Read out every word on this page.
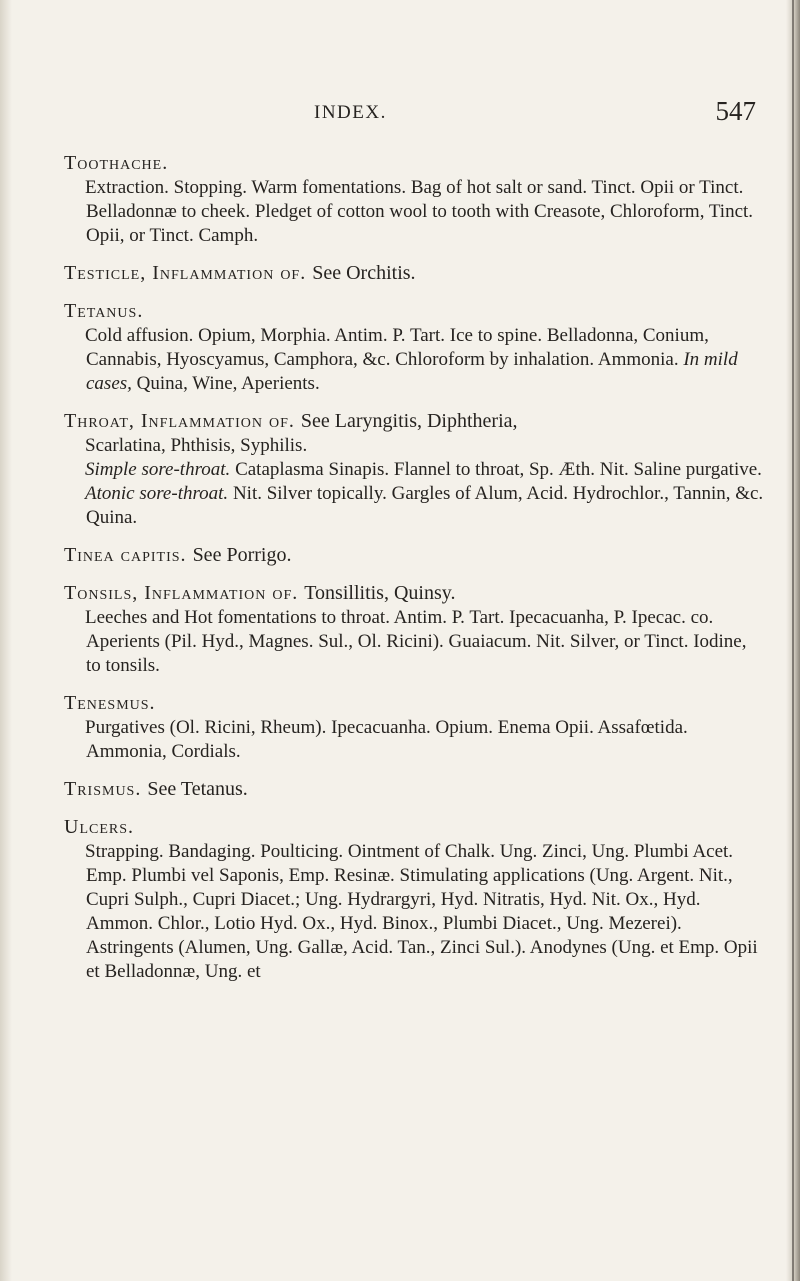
INDEX.	547
Toothache.

Extraction. Stopping. Warm fomentations. Bag of hot salt or sand. Tinct. Opii or Tinct. Belladonnæ to cheek. Pledget of cotton wool to tooth with Creasote, Chloroform, Tinct. Opii, or Tinct. Camph.

Testicle, Inflammation of. See Orchitis.
Tetanus.

Cold affusion. Opium, Morphia. Antim. P. Tart. Ice to spine. Belladonna, Conium, Cannabis, Hyoscyamus, Camphora, &c. Chloroform by inhalation. Ammonia. In mild cases, Quina, Wine, Aperients.

Throat, Inflammation of. See Laryngitis, Diphtheria,

Scarlatina, Phthisis, Syphilis.

Simple sore-throat. Cataplasma Sinapis. Flannel to throat, Sp. Æth. Nit. Saline purgative.

Atonic sore-throat. Nit. Silver topically. Gargles of Alum, Acid. Hydrochlor., Tannin, &c. Quina.

Tinea capitis. See Porrigo.
Tonsils, Inflammation of. Tonsillitis, Quinsy.

Leeches and Hot fomentations to throat. Antim. P. Tart. Ipecacuanha, P. Ipecac. co. Aperients (Pil. Hyd., Magnes. Sul., Ol. Ricini). Guaiacum. Nit. Silver, or Tinct. Iodine, to tonsils.

Tenesmus.

Purgatives (Ol. Ricini, Rheum). Ipecacuanha. Opium. Enema Opii. Assafœtida. Ammonia, Cordials.

Trismus. See Tetanus.
Ulcers.

Strapping. Bandaging. Poulticing. Ointment of Chalk. Ung. Zinci, Ung. Plumbi Acet. Emp. Plumbi vel Saponis, Emp. Resinæ. Stimulating applications (Ung. Argent. Nit., Cupri Sulph., Cupri Diacet.; Ung. Hydrargyri, Hyd. Nitratis, Hyd. Nit. Ox., Hyd. Ammon. Chlor., Lotio Hyd. Ox., Hyd. Binox., Plumbi Diacet., Ung. Mezerei). Astringents (Alumen, Ung. Gallæ, Acid. Tan., Zinci Sul.). Anodynes (Ung. et Emp. Opii et Belladonnæ, Ung. et
